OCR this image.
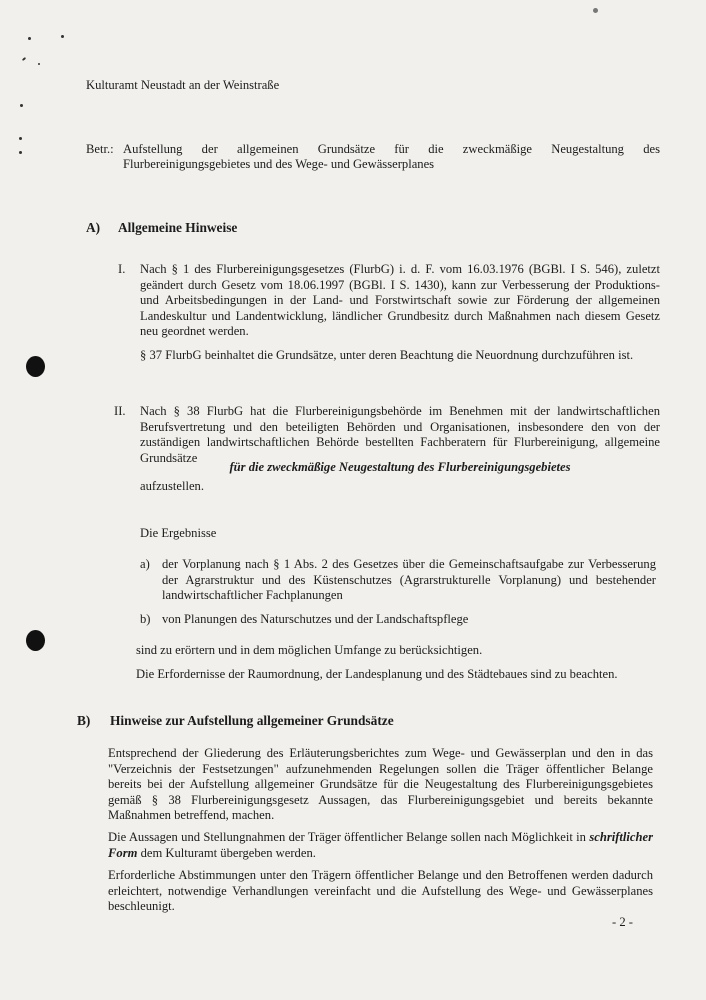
Kulturamt Neustadt an der Weinstraße
Betr.: Aufstellung der allgemeinen Grundsätze für die zweckmäßige Neugestaltung des
Flurbereinigungsgebietes und des Wege- und Gewässerplanes
A)	Allgemeine Hinweise
I.	Nach § 1 des Flurbereinigungsgesetzes (FlurbG) i. d. F. vom 16.03.1976 (BGBl. I S. 546), zuletzt geändert durch Gesetz vom 18.06.1997 (BGBl. I S. 1430), kann zur Verbesserung der Produktions- und Arbeitsbedingungen in der Land- und Forstwirtschaft sowie zur Förderung der allgemeinen Landeskultur und Landentwicklung, ländlicher Grundbesitz durch Maßnahmen nach diesem Gesetz neu geordnet werden.
§ 37 FlurbG beinhaltet die Grundsätze, unter deren Beachtung die Neuordnung durchzuführen ist.
II.	Nach § 38 FlurbG hat die Flurbereinigungsbehörde im Benehmen mit der landwirtschaftlichen Berufsvertretung und den beteiligten Behörden und Organisationen, insbesondere den von der zuständigen landwirtschaftlichen Behörde bestellten Fachberatern für Flurbereinigung, allgemeine Grundsätze
für die zweckmäßige Neugestaltung des Flurbereinigungsgebietes
aufzustellen.
Die Ergebnisse
a) der Vorplanung nach § 1 Abs. 2 des Gesetzes über die Gemeinschaftsaufgabe zur Verbesserung der Agrarstruktur und des Küstenschutzes (Agrarstrukturelle Vorplanung) und bestehender landwirtschaftlicher Fachplanungen
b) von Planungen des Naturschutzes und der Landschaftspflege
sind zu erörtern und in dem möglichen Umfange zu berücksichtigen.
Die Erfordernisse der Raumordnung, der Landesplanung und des Städtebaues sind zu beachten.
B)	Hinweise zur Aufstellung allgemeiner Grundsätze
Entsprechend der Gliederung des Erläuterungsberichtes zum Wege- und Gewässerplan und den in das "Verzeichnis der Festsetzungen" aufzunehmenden Regelungen sollen die Träger öffentlicher Belange bereits bei der Aufstellung allgemeiner Grundsätze für die Neugestaltung des Flurbereinigungsgebietes gemäß § 38 Flurbereinigungsgesetz Aussagen, das Flurbereinigungsgebiet und bereits bekannte Maßnahmen betreffend, machen.
Die Aussagen und Stellungnahmen der Träger öffentlicher Belange sollen nach Möglichkeit in schriftlicher Form dem Kulturamt übergeben werden.
Erforderliche Abstimmungen unter den Trägern öffentlicher Belange und den Betroffenen werden dadurch erleichtert, notwendige Verhandlungen vereinfacht und die Aufstellung des Wege- und Gewässerplanes beschleunigt.
- 2 -
